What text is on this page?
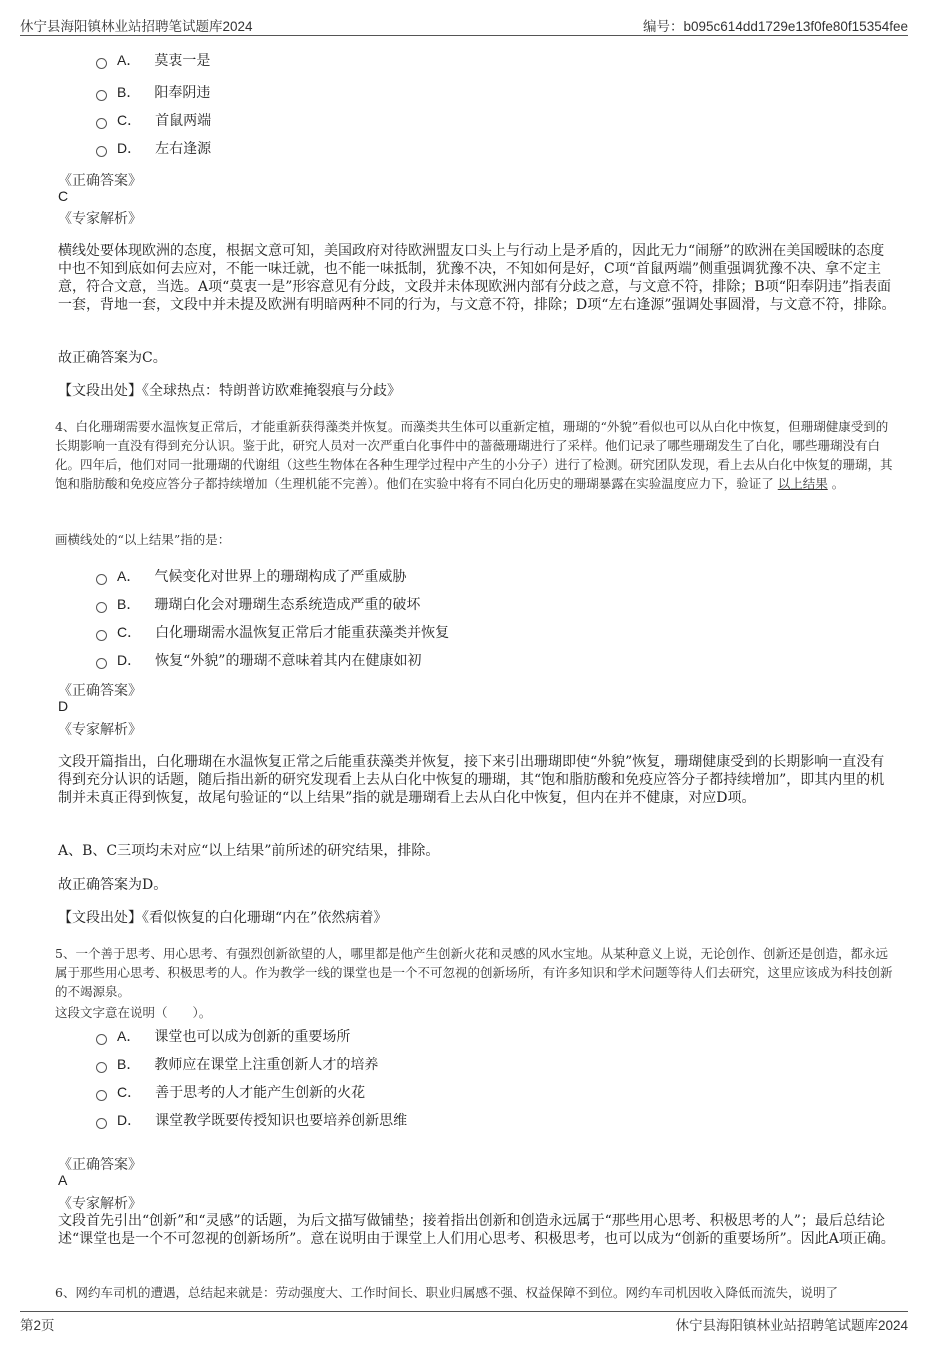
休宁县海阳镇林业站招聘笔试题库2024	编号：b095c614dd1729e13f0fe80f15354fee
A． 莫衷一是
B． 阳奉阴违
C． 首鼠两端
D． 左右逢源
《正确答案》
C
《专家解析》

横线处要体现欧洲的态度，根据文意可知，美国政府对待欧洲盟友口头上与行动上是矛盾的，因此无力“闹掰”的欧洲在美国暧昧的态度中也不知到底如何去应对，不能一味迁就，也不能一味抵制，犹豫不决，不知如何是好，C项“首鼠两端”侧重强调犹豫不决、拿不定主意，符合文意，当选。A项“莫衷一是”形容意见有分歧，文段并未体现欧洲内部有分歧之意，与文意不符，排除；B项“阳奉阴违”指表面一套，背地一套，文段中并未提及欧洲有明暗两种不同的行为，与文意不符，排除；D项“左右逢源”强调处事圆滑，与文意不符，排除。

故正确答案为C。

【文段出处】《全球热点：特朗普访欧难掩裂痕与分歧》

4、白化珊瑚需要水温恢复正常后，才能重新获得藻类并恢复。而藻类共生体可以重新定植，珊瑚的“外貌”看似也可以从白化中恢复，但珊瑚健康受到的长期影响一直没有得到充分认识。鉴于此，研究人员对一次严重白化事件中的蔷薇珊瑚进行了采样。他们记录了哪些珊瑚发生了白化，哪些珊瑚没有白化。四年后，他们对同一批珊瑚的代谢组（这些生物体在各种生理学过程中产生的小分子）进行了检测。研究团队发现，看上去从白化中恢复的珊瑚，其饱和脂肪酸和免疫应答分子都持续增加（生理机能不完善）。他们在实验中将有不同白化历史的珊瑚暴露在实验温度应力下，验证了 以上结果 。

画横线处的“以上结果”指的是：

A． 气候变化对世界上的珊瑚构成了严重威胁
B． 珊瑚白化会对珊瑚生态系统造成严重的破坏
C． 白化珊瑚需水温恢复正常后才能重获藻类并恢复
D． 恢复“外貌”的珊瑚不意味着其内在健康如初
《正确答案》
D
《专家解析》

文段开篇指出，白化珊瑚在水温恢复正常之后能重获藻类并恢复，接下来引出珊瑚即使“外貌”恢复，珊瑚健康受到的长期影响一直没有得到充分认识的话题，随后指出新的研究发现看上去从白化中恢复的珊瑚，其“饱和脂肪酸和免疫应答分子都持续增加”，即其内里的机制并未真正得到恢复，故尾句验证的“以上结果”指的就是珊瑚看上去从白化中恢复，但内在并不健康，对应D项。

A、B、C三项均未对应“以上结果”前所述的研究结果，排除。

故正确答案为D。

【文段出处】《看似恢复的白化珊瑚“内在”依然病着》

5、一个善于思考、用心思考、有强烈创新欲望的人，哪里都是他产生创新火花和灵感的风水宝地。从某种意义上说，无论创作、创新还是创造，都永远属于那些用心思考、积极思考的人。作为教学一线的课堂也是一个不可忽视的创新场所，有许多知识和学术问题等待人们去研究，这里应该成为科技创新的不竭源泉。

这段文字意在说明（　　）。

A． 课堂也可以成为创新的重要场所
B． 教师应在课堂上注重创新人才的培养
C． 善于思考的人才能产生创新的火花
D． 课堂教学既要传授知识也要培养创新思维
《正确答案》
A
《专家解析》

文段首先引出“创新”和“灵感”的话题，为后文描写做铺垫；接着指出创新和创造永远属于“那些用心思考、积极思考的人”；最后总结论述“课堂也是一个不可忽视的创新场所”。意在说明由于课堂上人们用心思考、积极思考，也可以成为“创新的重要场所”。因此A项正确。

6、网约车司机的遭遇，总结起来就是：劳动强度大、工作时间长、职业归属感不强、权益保障不到位。网约车司机因收入降低而流失，说明了

第2页	休宁县海阳镇林业站招聘笔试题库2024
